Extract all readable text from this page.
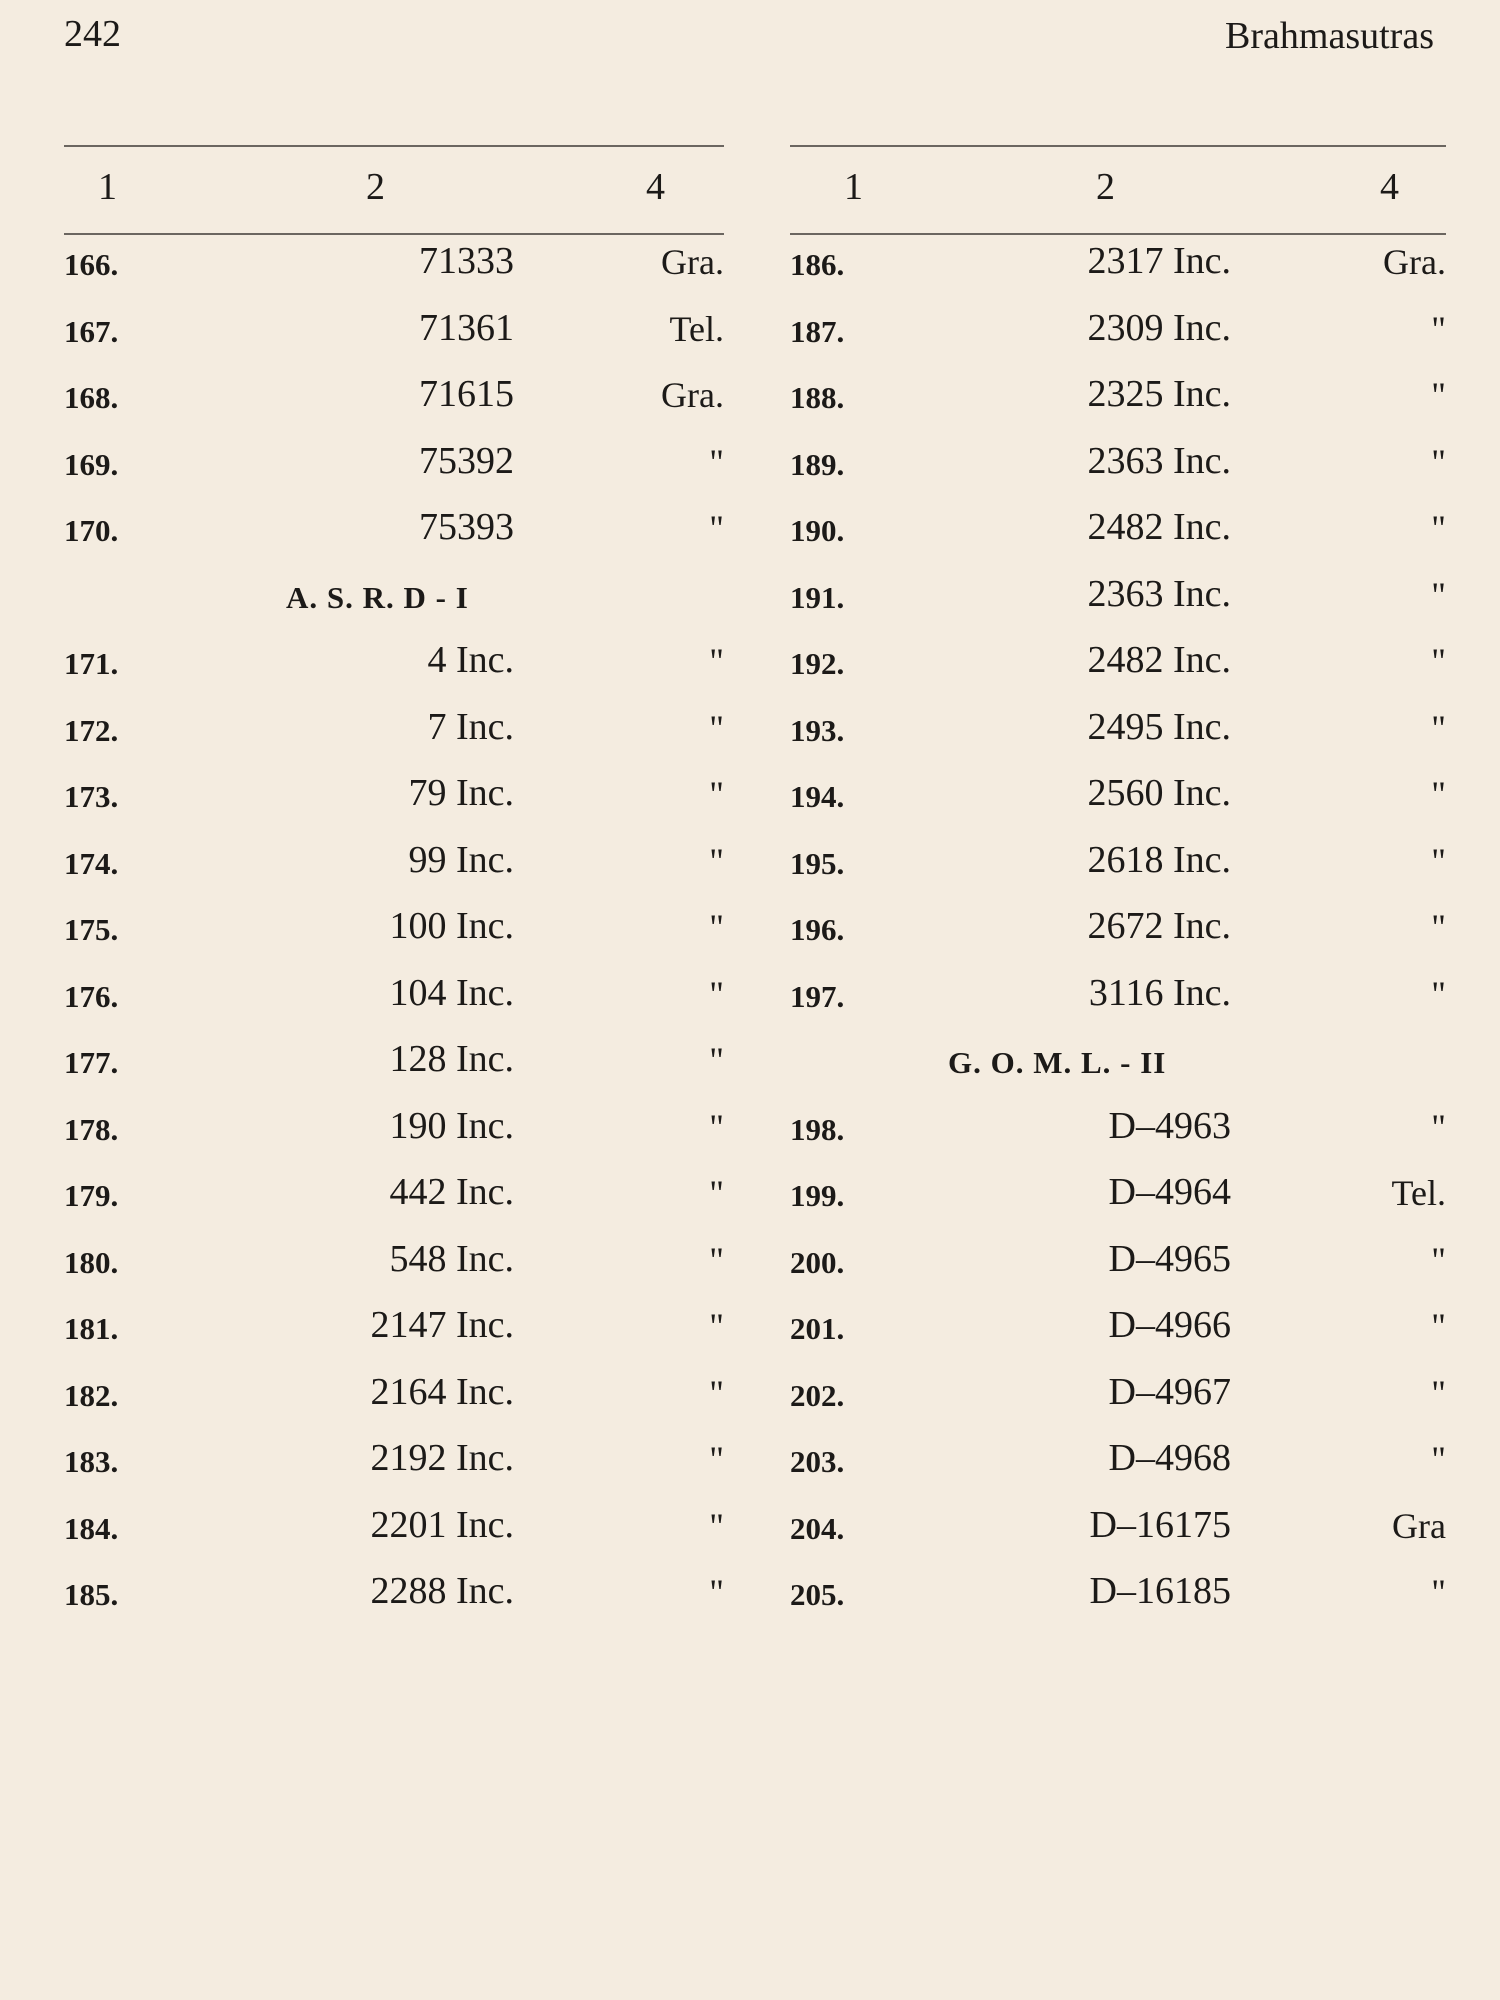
242	Brahmasutras
1	2	4
166.	71333	Gra.
167.	71361	Tel.
168.	71615	Gra.
169.	75392	"
170.	75393	"
A. S. R. D - I
171.	4 Inc.	"
172.	7 Inc.	"
173.	79 Inc.	"
174.	99 Inc.	"
175.	100 Inc.	"
176.	104 Inc.	"
177.	128 Inc.	"
178.	190 Inc.	"
179.	442 Inc.	"
180.	548 Inc.	"
181.	2147 Inc.	"
182.	2164 Inc.	"
183.	2192 Inc.	"
184.	2201 Inc.	"
185.	2288 Inc.	"
1	2	4
186.	2317 Inc.	Gra.
187.	2309 Inc.	"
188.	2325 Inc.	"
189.	2363 Inc.	"
190.	2482 Inc.	"
191.	2363 Inc.	"
192.	2482 Inc.	"
193.	2495 Inc.	"
194.	2560 Inc.	"
195.	2618 Inc.	"
196.	2672 Inc.	"
197.	3116 Inc.	"
G. O. M. L. - II
198.	D–4963	"
199.	D–4964	Tel.
200.	D–4965	"
201.	D–4966	"
202.	D–4967	"
203.	D–4968	"
204.	D–16175	Gra
205.	D–16185	"
